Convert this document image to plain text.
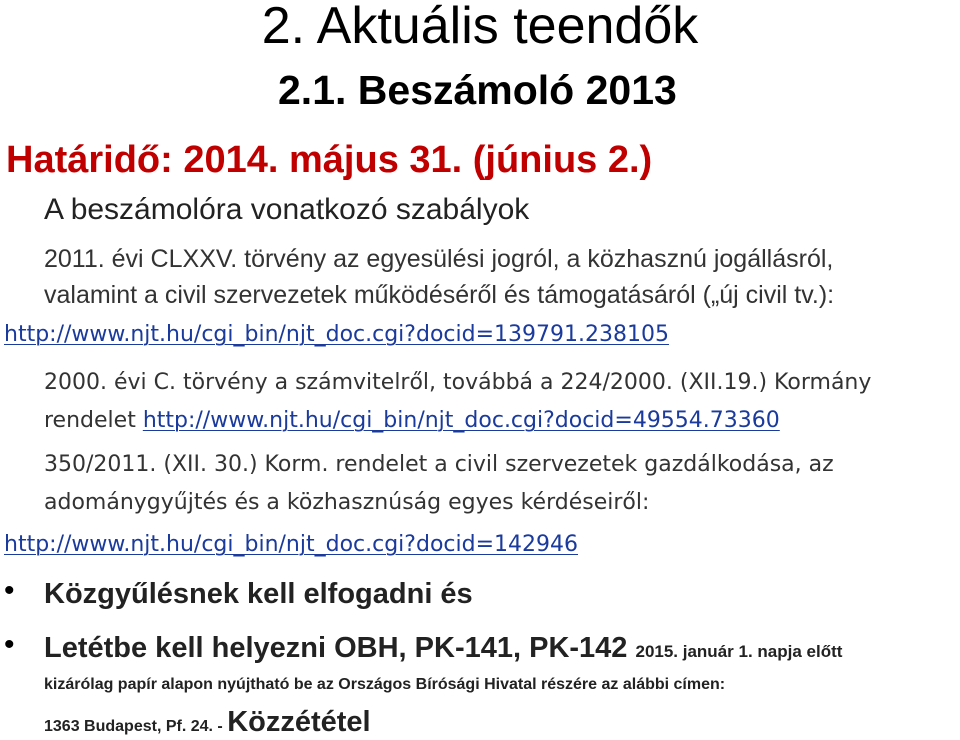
2. Aktuális teendők
2.1. Beszámoló 2013
Határidő: 2014. május 31. (június 2.)
A beszámolóra vonatkozó szabályok
2011. évi CLXXV. törvény az egyesülési jogról, a közhasznú jogállásról,
valamint a civil szervezetek működéséről és támogatásáról („új civil tv.):
http://www.njt.hu/cgi_bin/njt_doc.cgi?docid=139791.238105
2000. évi C. törvény a számvitelről, továbbá a 224/2000. (XII.19.) Kormány
rendelet http://www.njt.hu/cgi_bin/njt_doc.cgi?docid=49554.73360
350/2011. (XII. 30.) Korm. rendelet a civil szervezetek gazdálkodása, az
adománygyűjtés és a közhasznúság egyes kérdéseiről:
http://www.njt.hu/cgi_bin/njt_doc.cgi?docid=142946
• Közgyűlésnek kell elfogadni és
• Letétbe kell helyezni OBH, PK-141, PK-142 2015. január 1. napja előtt
kizárólag papír alapon nyújtható be az Országos Bírósági Hivatal részére az alábbi címen:
1363 Budapest, Pf. 24. - Közzététel
